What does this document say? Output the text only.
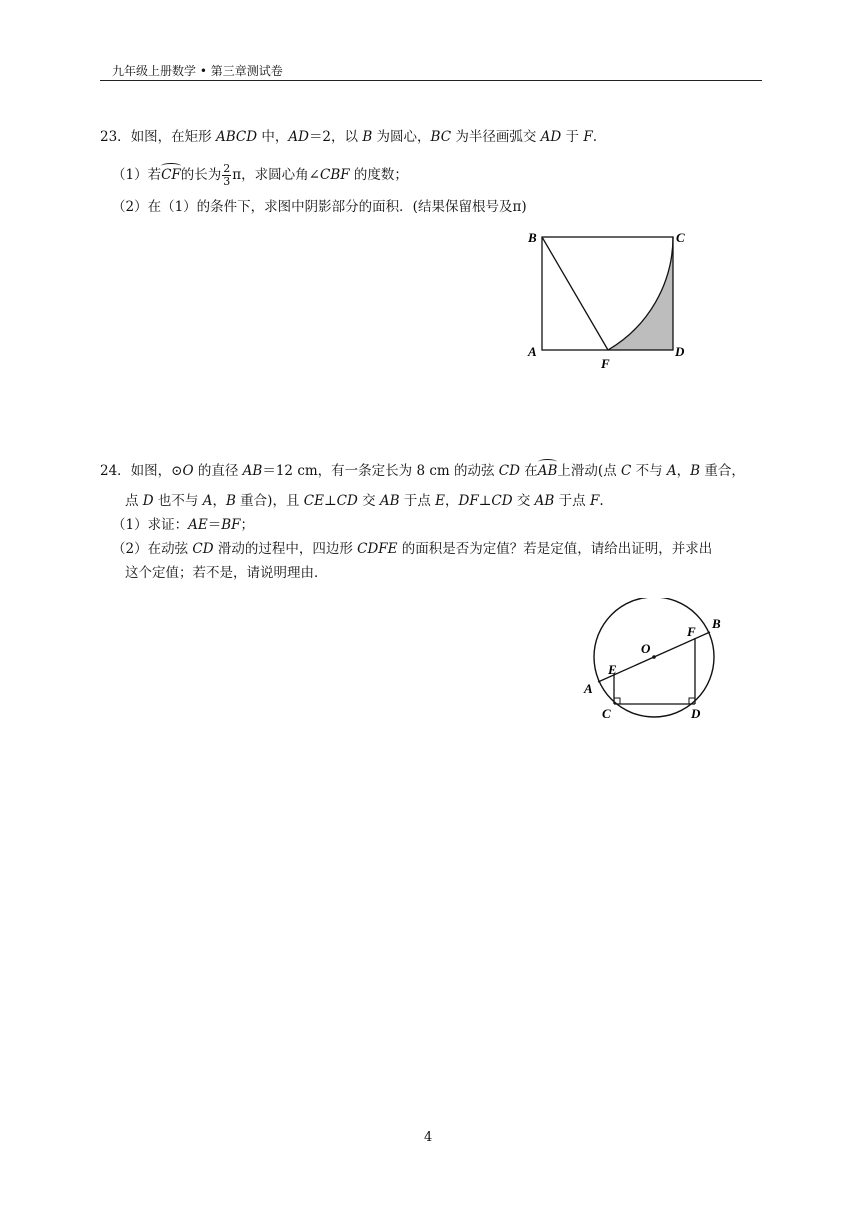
九年级上册数学 • 第三章测试卷
23．如图，在矩形 ABCD 中，AD＝2，以 B 为圆心，BC 为半径画弧交 AD 于 F.
（1）若CF的长为 $\frac{2}{3}$ π，求圆心角∠CBF 的度数；
（2）在（1）的条件下，求图中阴影部分的面积．(结果保留根号及π)
B	C
A
F
D
24．如图，⊙O 的直径 AB＝12 cm，有一条定长为 8 cm 的动弦 CD 在AB上滑动(点 C 不与 A，B 重合，
点 D 也不与 A，B 重合)，且 CE⊥CD 交 AB 于点 E，DF⊥CD 交 AB 于点 F.
（1）求证：AE＝BF；
（2）在动弦 CD 滑动的过程中，四边形 CDFE 的面积是否为定值？若是定值，请给出证明，并求出
这个定值；若不是，请说明理由．
O
F
B
E
A
C	D
4
